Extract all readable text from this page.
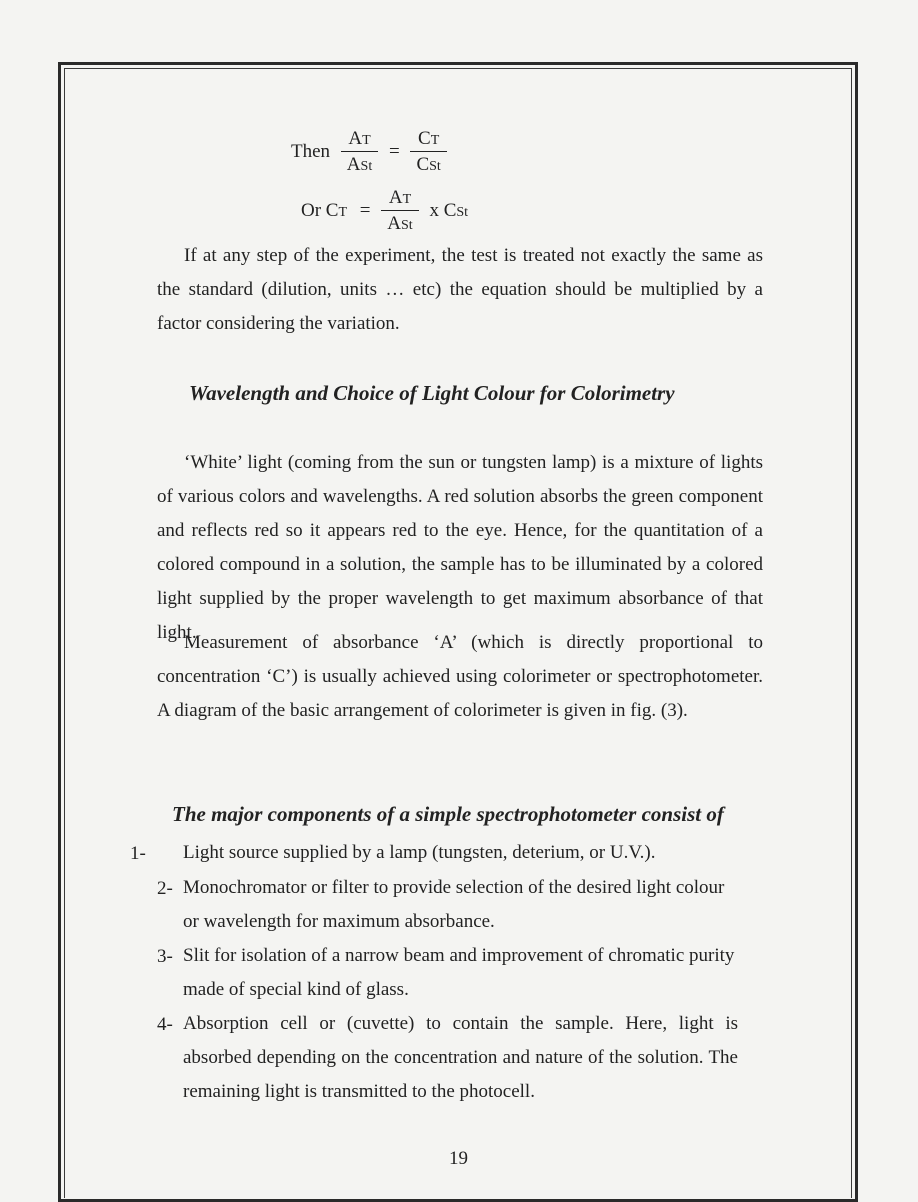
Then $\frac{AT}{\text{ASt}} = \frac{CT}{\text{CSt}}$
Or CT = $\frac{AT}{\text{ASt}}$ x CSt

If at any step of the experiment, the test is treated not exactly the same as the standard (dilution, units … etc) the equation should be multiplied by a factor considering the variation.

Wavelength and Choice of Light Colour for Colorimetry

‘White’ light (coming from the sun or tungsten lamp) is a mixture of lights of various colors and wavelengths. A red solution absorbs the green component and reflects red so it appears red to the eye. Hence, for the quantitation of a colored compound in a solution, the sample has to be illuminated by a colored light supplied by the proper wavelength to get maximum absorbance of that light.

Measurement of absorbance ‘A’ (which is directly proportional to concentration ‘C’) is usually achieved using colorimeter or spectrophotometer. A diagram of the basic arrangement of colorimeter is given in fig. (3).

The major components of a simple spectrophotometer consist of
1- Light source supplied by a lamp (tungsten, deterium, or U.V.).
2- Monochromator or filter to provide selection of the desired light colour or wavelength for maximum absorbance.
3- Slit for isolation of a narrow beam and improvement of chromatic purity made of special kind of glass.
4- Absorption cell or (cuvette) to contain the sample. Here, light is absorbed depending on the concentration and nature of the solution. The remaining light is transmitted to the photocell.
19
